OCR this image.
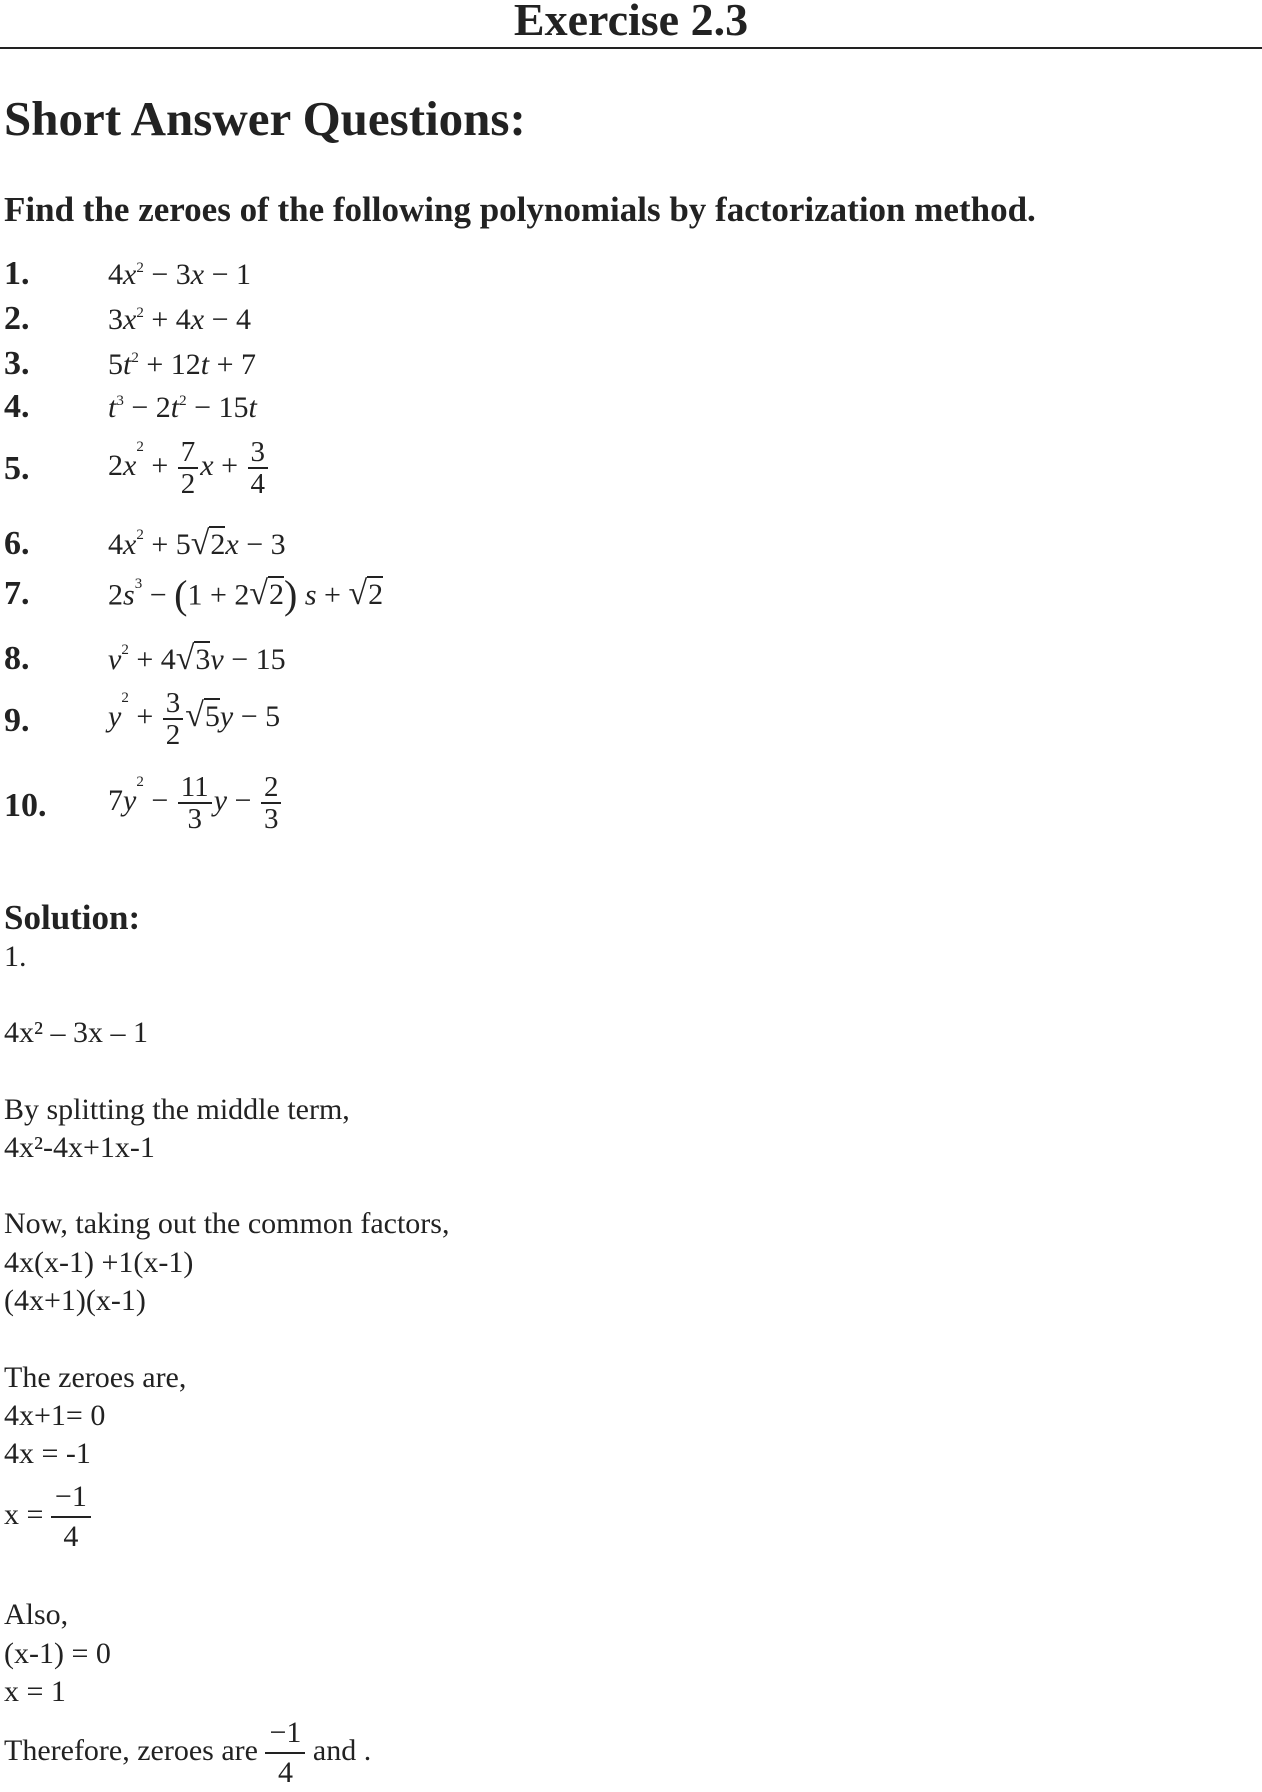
Exercise 2.3
Short Answer Questions:
Find the zeroes of the following polynomials by factorization method.
1.	$4x^2 - 3x - 1$
2.	$3x^2 + 4x - 4$
3.	$5t^2 + 12t + 7$
4.	$t^3 - 2t^2 - 15t$
5.	$2x^2 + \frac{7}{2}$ $x + \frac{3}{4}$
6.	$4x^2 + 5√2x - 3$
7.	$2s^3 - (1 + 2√2) s + √2$
8.	$v^2 + 4√3v - 15$
9.	$y^2 + \frac{3}{2} √5y - 5$
10. $7y^2 - \frac{11}{3}$ $y - \frac{2}{3}$
Solution:
1.
4x² – 3x – 1
By splitting the middle term,
4x²-4x+1x-1
Now, taking out the common factors,
4x(x-1) +1(x-1)
(4x+1)(x-1)
The zeroes are,
4x+1= 0
4x = -1
$x = \frac{-1}{4}$
Also,
(x-1) = 0
x = 1
Therefore, zeroes are $\frac{-1}{4}$ and .
